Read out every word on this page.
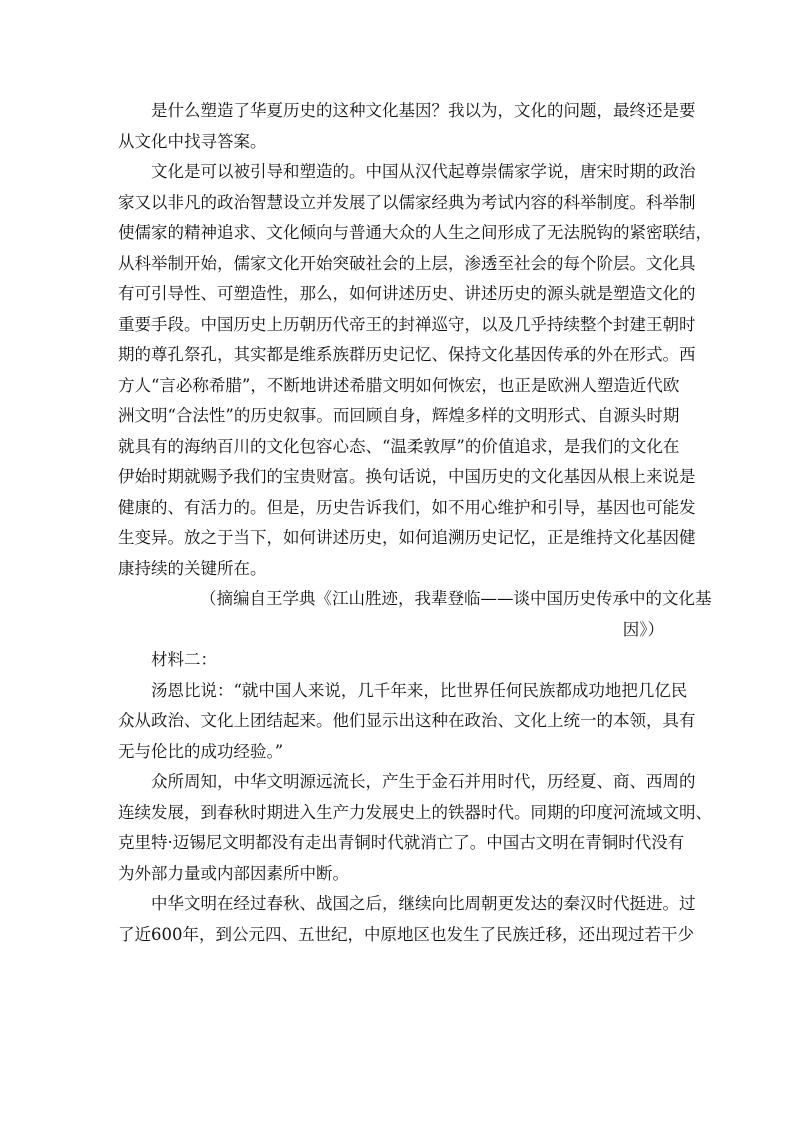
是什么塑造了华夏历史的这种文化基因？我以为，文化的问题，最终还是要
从文化中找寻答案。
文化是可以被引导和塑造的。中国从汉代起尊崇儒家学说，唐宋时期的政治
家又以非凡的政治智慧设立并发展了以儒家经典为考试内容的科举制度。科举制
使儒家的精神追求、文化倾向与普通大众的人生之间形成了无法脱钩的紧密联结，
从科举制开始，儒家文化开始突破社会的上层，渗透至社会的每个阶层。文化具
有可引导性、可塑造性，那么，如何讲述历史、讲述历史的源头就是塑造文化的
重要手段。中国历史上历朝历代帝王的封禅巡守，以及几乎持续整个封建王朝时
期的尊孔祭孔，其实都是维系族群历史记忆、保持文化基因传承的外在形式。西
方人“言必称希腊”，不断地讲述希腊文明如何恢宏，也正是欧洲人塑造近代欧
洲文明“合法性”的历史叙事。而回顾自身，辉煌多样的文明形式、自源头时期
就具有的海纳百川的文化包容心态、“温柔敦厚”的价值追求，是我们的文化在
伊始时期就赐予我们的宝贵财富。换句话说，中国历史的文化基因从根上来说是
健康的、有活力的。但是，历史告诉我们，如不用心维护和引导，基因也可能发
生变异。放之于当下，如何讲述历史，如何追溯历史记忆，正是维持文化基因健
康持续的关键所在。
（摘编自王学典《江山胜迹，我辈登临——谈中国历史传承中的文化基
因》）
材料二：
汤恩比说：“就中国人来说，几千年来，比世界任何民族都成功地把几亿民
众从政治、文化上团结起来。他们显示出这种在政治、文化上统一的本领，具有
无与伦比的成功经验。”
众所周知，中华文明源远流长，产生于金石并用时代，历经夏、商、西周的
连续发展，到春秋时期进入生产力发展史上的铁器时代。同期的印度河流域文明、
克里特·迈锡尼文明都没有走出青铜时代就消亡了。中国古文明在青铜时代没有
为外部力量或内部因素所中断。
中华文明在经过春秋、战国之后，继续向比周朝更发达的秦汉时代挺进。过
了近600年，到公元四、五世纪，中原地区也发生了民族迁移，还出现过若干少
